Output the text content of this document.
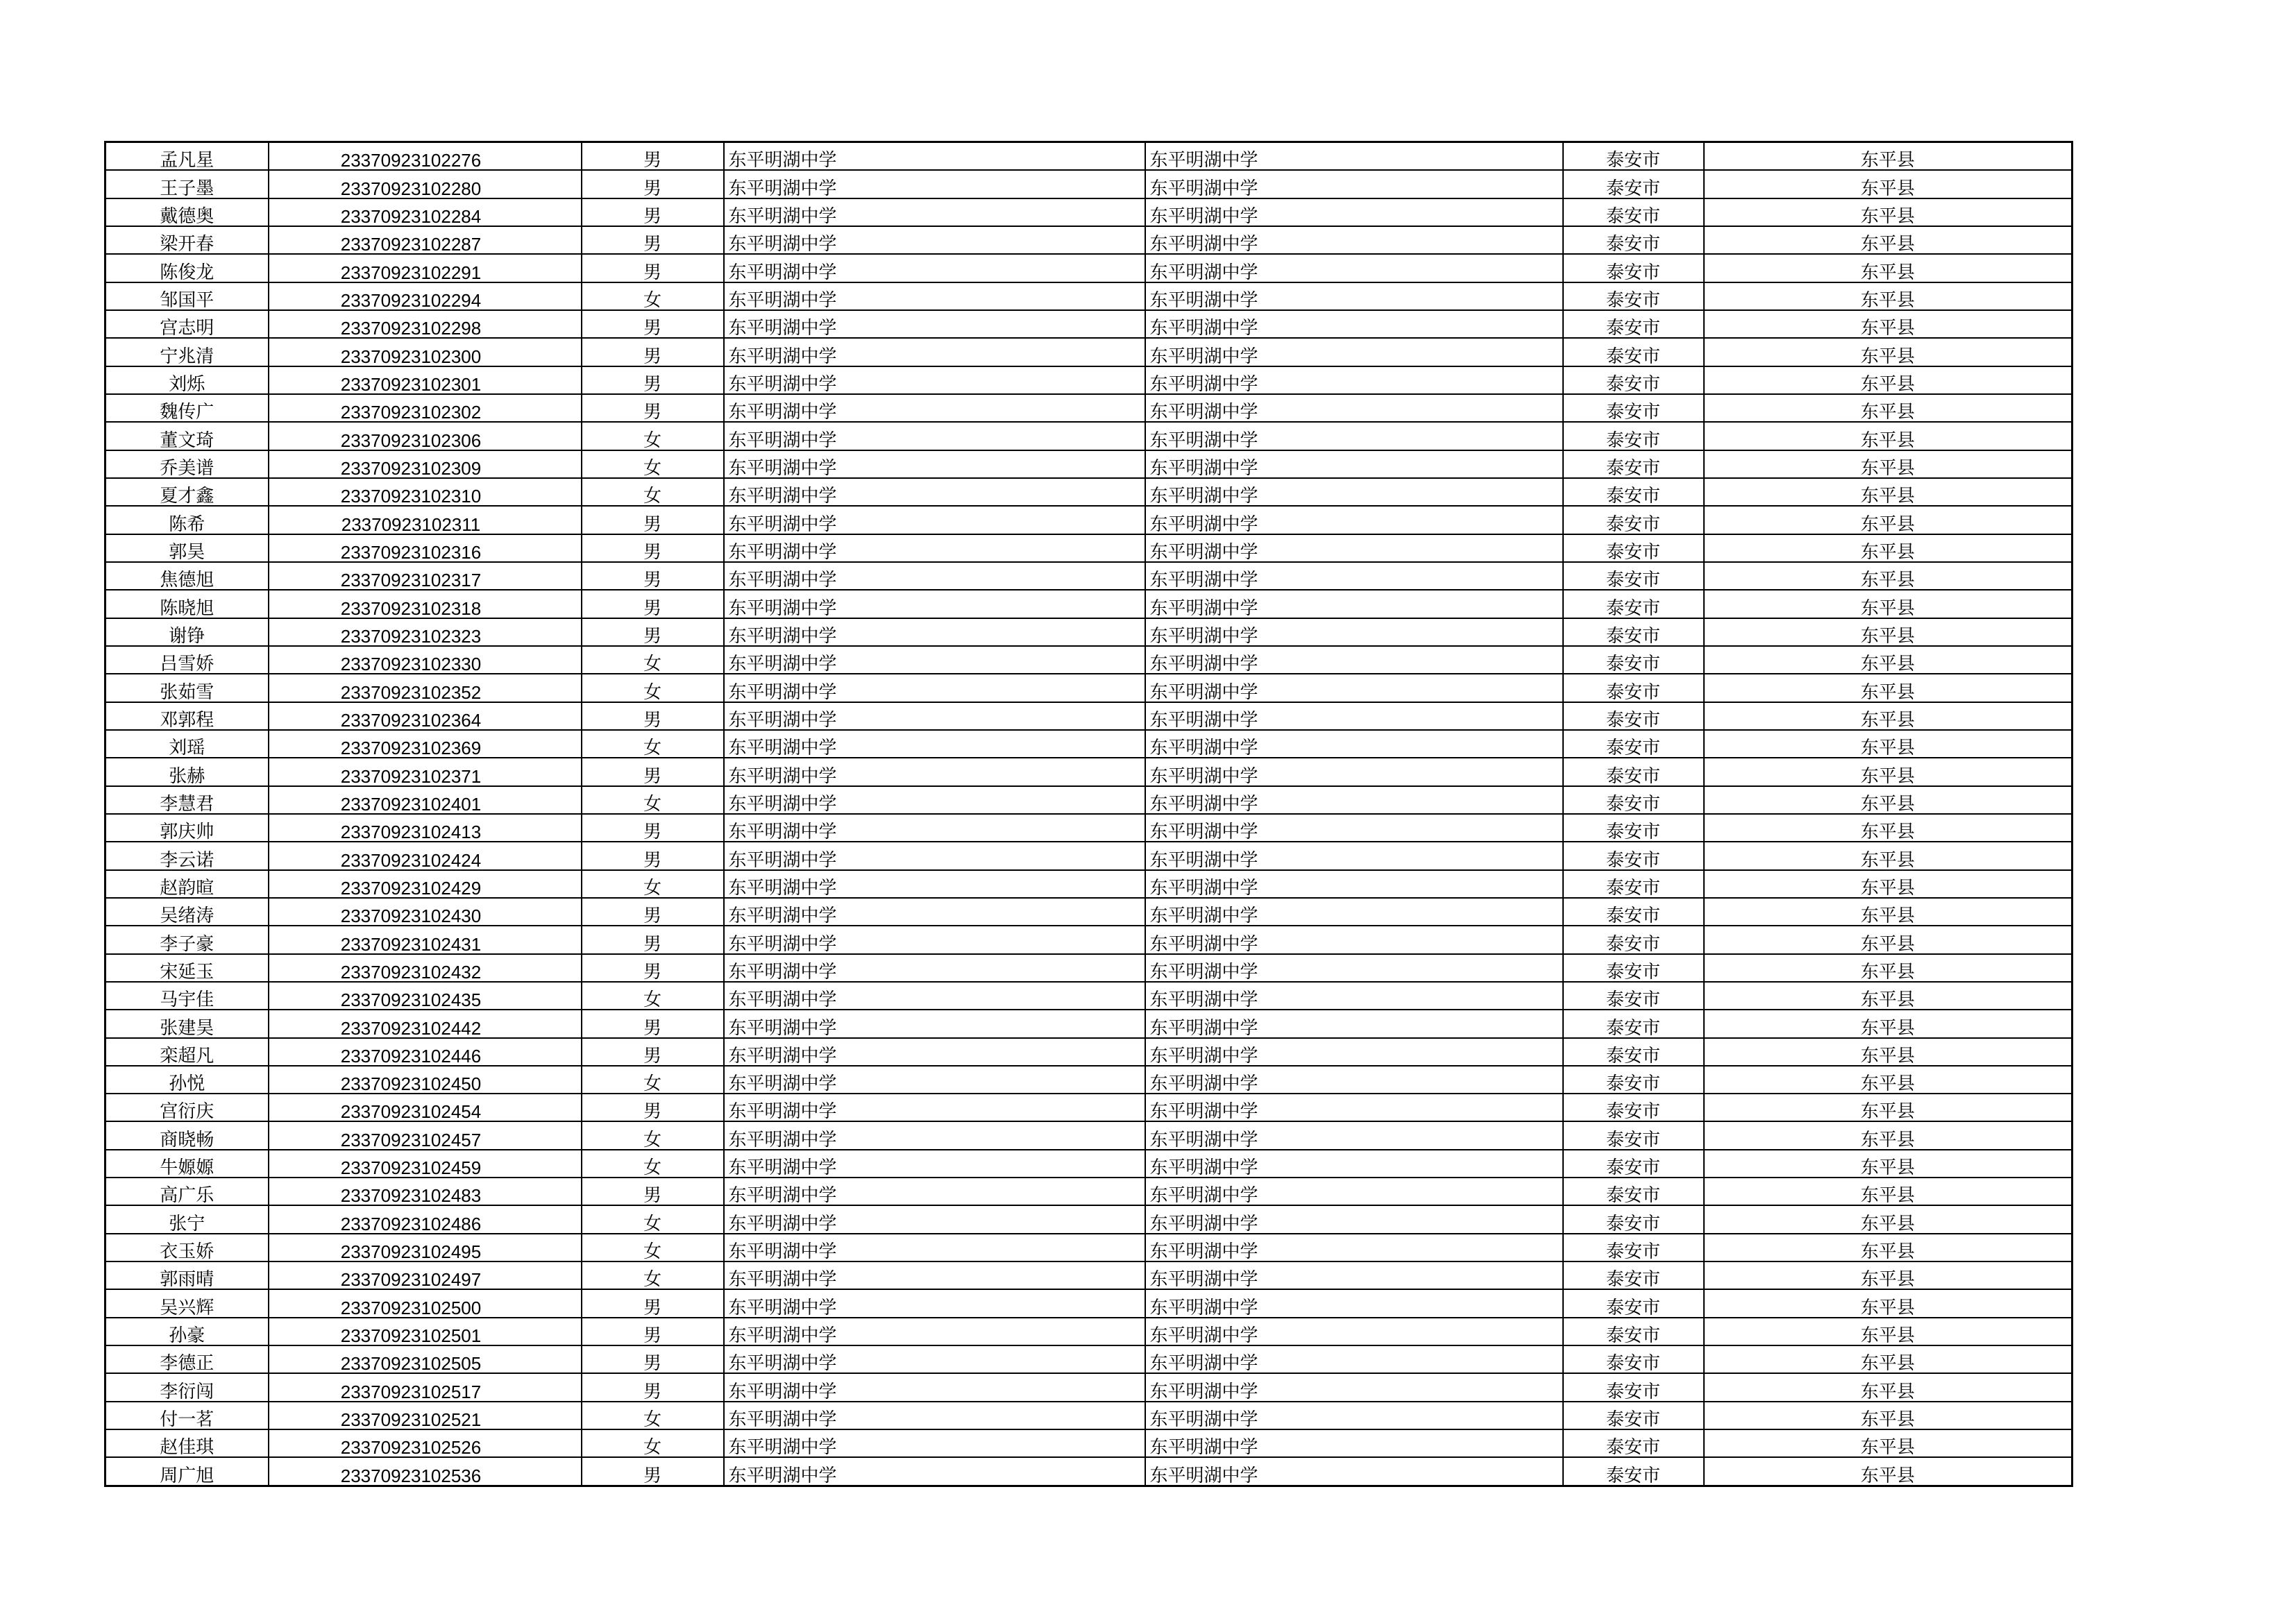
孟凡星	23370923102276	男	东平明湖中学	东平明湖中学	泰安市	东平县
王子墨	23370923102280	男	东平明湖中学	东平明湖中学	泰安市	东平县
戴德奥	23370923102284	男	东平明湖中学	东平明湖中学	泰安市	东平县
梁开春	23370923102287	男	东平明湖中学	东平明湖中学	泰安市	东平县
陈俊龙	23370923102291	男	东平明湖中学	东平明湖中学	泰安市	东平县
邹国平	23370923102294	女	东平明湖中学	东平明湖中学	泰安市	东平县
宫志明	23370923102298	男	东平明湖中学	东平明湖中学	泰安市	东平县
宁兆清	23370923102300	男	东平明湖中学	东平明湖中学	泰安市	东平县
刘烁	23370923102301	男	东平明湖中学	东平明湖中学	泰安市	东平县
魏传广	23370923102302	男	东平明湖中学	东平明湖中学	泰安市	东平县
董文琦	23370923102306	女	东平明湖中学	东平明湖中学	泰安市	东平县
乔美谱	23370923102309	女	东平明湖中学	东平明湖中学	泰安市	东平县
夏才鑫	23370923102310	女	东平明湖中学	东平明湖中学	泰安市	东平县
陈希	23370923102311	男	东平明湖中学	东平明湖中学	泰安市	东平县
郭昊	23370923102316	男	东平明湖中学	东平明湖中学	泰安市	东平县
焦德旭	23370923102317	男	东平明湖中学	东平明湖中学	泰安市	东平县
陈晓旭	23370923102318	男	东平明湖中学	东平明湖中学	泰安市	东平县
谢铮	23370923102323	男	东平明湖中学	东平明湖中学	泰安市	东平县
吕雪娇	23370923102330	女	东平明湖中学	东平明湖中学	泰安市	东平县
张茹雪	23370923102352	女	东平明湖中学	东平明湖中学	泰安市	东平县
邓郭程	23370923102364	男	东平明湖中学	东平明湖中学	泰安市	东平县
刘瑶	23370923102369	女	东平明湖中学	东平明湖中学	泰安市	东平县
张赫	23370923102371	男	东平明湖中学	东平明湖中学	泰安市	东平县
李慧君	23370923102401	女	东平明湖中学	东平明湖中学	泰安市	东平县
郭庆帅	23370923102413	男	东平明湖中学	东平明湖中学	泰安市	东平县
李云诺	23370923102424	男	东平明湖中学	东平明湖中学	泰安市	东平县
赵韵暄	23370923102429	女	东平明湖中学	东平明湖中学	泰安市	东平县
吴绪涛	23370923102430	男	东平明湖中学	东平明湖中学	泰安市	东平县
李子豪	23370923102431	男	东平明湖中学	东平明湖中学	泰安市	东平县
宋延玉	23370923102432	男	东平明湖中学	东平明湖中学	泰安市	东平县
马宇佳	23370923102435	女	东平明湖中学	东平明湖中学	泰安市	东平县
张建昊	23370923102442	男	东平明湖中学	东平明湖中学	泰安市	东平县
栾超凡	23370923102446	男	东平明湖中学	东平明湖中学	泰安市	东平县
孙悦	23370923102450	女	东平明湖中学	东平明湖中学	泰安市	东平县
宫衍庆	23370923102454	男	东平明湖中学	东平明湖中学	泰安市	东平县
商晓畅	23370923102457	女	东平明湖中学	东平明湖中学	泰安市	东平县
牛嫄嫄	23370923102459	女	东平明湖中学	东平明湖中学	泰安市	东平县
高广乐	23370923102483	男	东平明湖中学	东平明湖中学	泰安市	东平县
张宁	23370923102486	女	东平明湖中学	东平明湖中学	泰安市	东平县
衣玉娇	23370923102495	女	东平明湖中学	东平明湖中学	泰安市	东平县
郭雨晴	23370923102497	女	东平明湖中学	东平明湖中学	泰安市	东平县
吴兴辉	23370923102500	男	东平明湖中学	东平明湖中学	泰安市	东平县
孙豪	23370923102501	男	东平明湖中学	东平明湖中学	泰安市	东平县
李德正	23370923102505	男	东平明湖中学	东平明湖中学	泰安市	东平县
李衍闯	23370923102517	男	东平明湖中学	东平明湖中学	泰安市	东平县
付一茗	23370923102521	女	东平明湖中学	东平明湖中学	泰安市	东平县
赵佳琪	23370923102526	女	东平明湖中学	东平明湖中学	泰安市	东平县
周广旭	23370923102536	男	东平明湖中学	东平明湖中学	泰安市	东平县
